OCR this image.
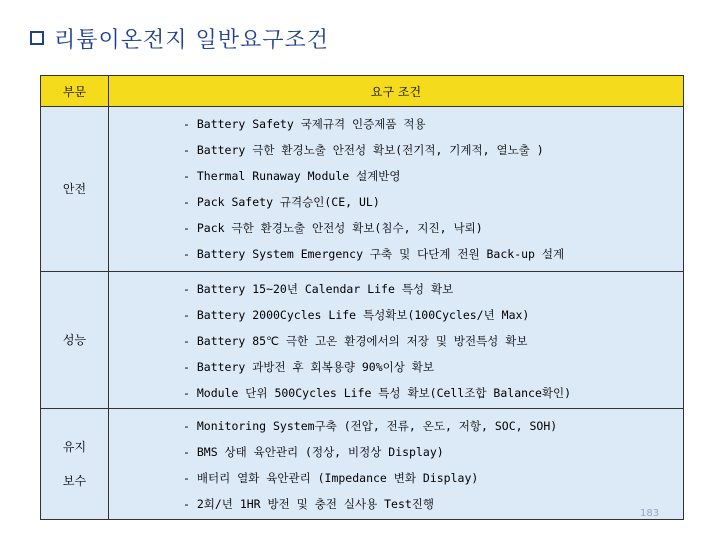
리튬이온전지 일반요구조건
부문	요구 조건
안전
- Battery Safety 국제규격 인증제품 적용
- Battery 극한 환경노출 안전성 확보(전기적, 기계적, 열노출 )
- Thermal Runaway Module 설계반영
- Pack Safety 규격승인(CE, UL)
- Pack 극한 환경노출 안전성 확보(침수, 지진, 낙뢰)
- Battery System Emergency 구축 및 다단계 전원 Back-up 설계
성능
- Battery 15~20년 Calendar Life 특성 확보
- Battery 2000Cycles Life 특성확보(100Cycles/년 Max)
- Battery 85℃ 극한 고온 환경에서의 저장 및 방전특성 확보
- Battery 과방전 후 회복용량 90%이상 확보
- Module 단위 500Cycles Life 특성 확보(Cell조합 Balance확인)
유지
보수
- Monitoring System구축 (전압, 전류, 온도, 저항, SOC, SOH)
- BMS 상태 육안관리 (정상, 비정상 Display)
- 배터리 열화 육안관리 (Impedance 변화 Display)
- 2회/년 1HR 방전 및 충전 실사용 Test진행
183
